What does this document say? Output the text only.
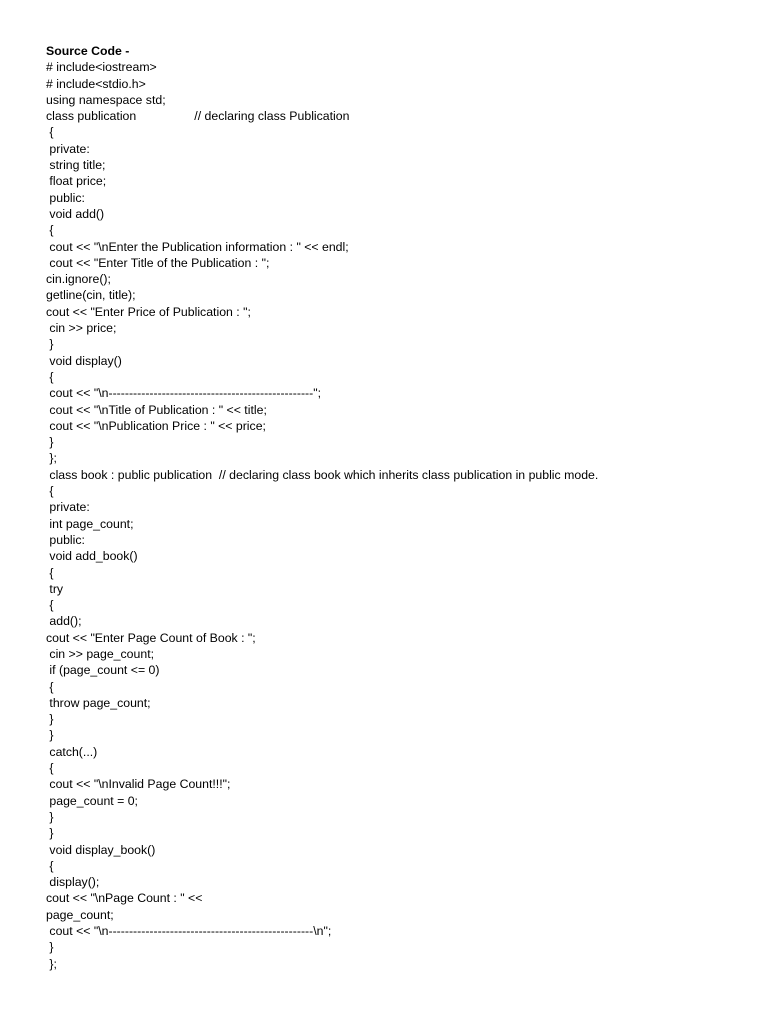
Source Code -
# include<iostream>
# include<stdio.h>
using namespace std;
class publication                 // declaring class Publication
{
private:
string title;
float price;
public:
void add()
{
cout << "\nEnter the Publication information : " << endl;
cout << "Enter Title of the Publication : ";
cin.ignore();
getline(cin, title);
cout << "Enter Price of Publication : ";
cin >> price;
}
void display()
{
cout << "\n--------------------------------------------------";
cout << "\nTitle of Publication : " << title;
cout << "\nPublication Price : " << price;
}
};
class book : public publication  // declaring class book which inherits class publication in public mode.
{
private:
int page_count;
public:
void add_book()
{
try
{
add();
cout << "Enter Page Count of Book : ";
cin >> page_count;
if (page_count <= 0)
{
throw page_count;
}
}
catch(...)
{
cout << "\nInvalid Page Count!!!";
page_count = 0;
}
}
void display_book()
{
display();
cout << "\nPage Count : " <<
page_count;
cout << "\n--------------------------------------------------\n";
}
};
